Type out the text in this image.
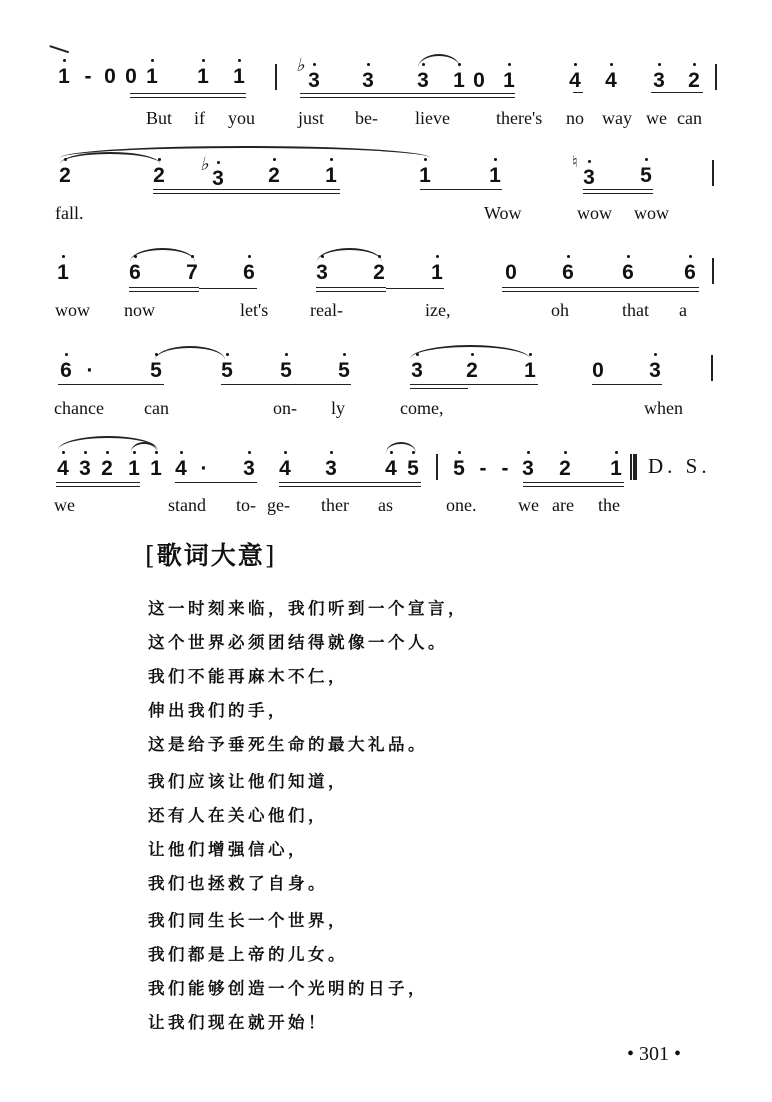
1 - 0 0 1 1 1	♭
3 3 3 1 0 1	4 4 3 2
But if you just be- lieve	there's no way we can
2	2 ♭
3 2 1	1	1
♮
3 5
fall.	Wow	wow wow
1	6 7 6	3 2 1	0 6 6 6
wow now	let's real-	ize,	oh	that a
6 ·	5	5 5 5	3 2 1	0 3
chance can	on- ly	come,	when
4 3 2 1 1 4 · 3 4 3 4 5 5 - - 3 2 1 D. S.
we	stand to- ge- ther as	one. we are the
[歌词大意]
这一时刻来临，我们听到一个宣言，
这个世界必须团结得就像一个人。
我们不能再麻木不仁，
伸出我们的手，
这是给予垂死生命的最大礼品。
我们应该让他们知道，
还有人在关心他们，
让他们增强信心，
我们也拯救了自身。
我们同生长一个世界，
我们都是上帝的儿女。
我们能够创造一个光明的日子，
让我们现在就开始！
• 301 •
